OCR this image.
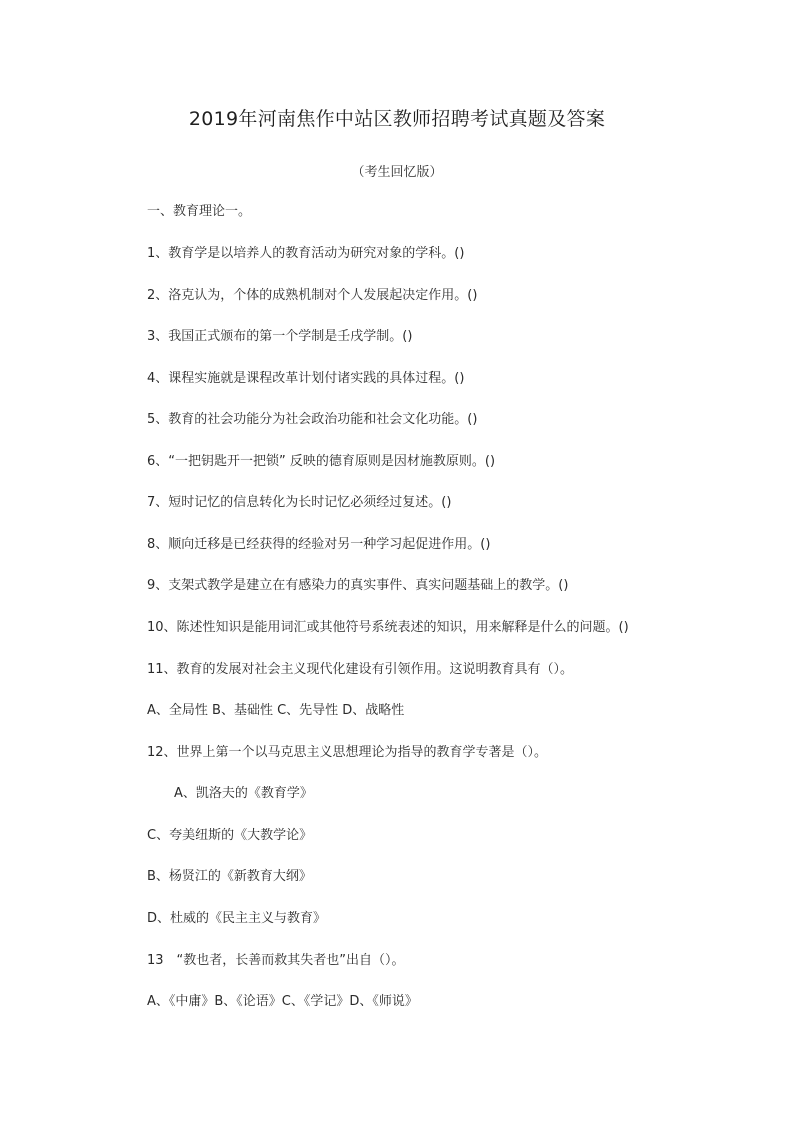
2019年河南焦作中站区教师招聘考试真题及答案
（考生回忆版）
一、教育理论一。
1、教育学是以培养人的教育活动为研究对象的学科。()
2、洛克认为，个体的成熟机制对个人发展起决定作用。()
3、我国正式颁布的第一个学制是壬戌学制。()
4、课程实施就是课程改革计划付诸实践的具体过程。()
5、教育的社会功能分为社会政治功能和社会文化功能。()
6、“一把钥匙开一把锁” 反映的德育原则是因材施教原则。()
7、短时记忆的信息转化为长时记忆必须经过复述。()
8、顺向迁移是已经获得的经验对另一种学习起促进作用。()
9、支架式教学是建立在有感染力的真实事件、真实问题基础上的教学。()
10、陈述性知识是能用词汇或其他符号系统表述的知识，用来解释是什么的问题。()
11、教育的发展对社会主义现代化建设有引领作用。这说明教育具有（）。
A、全局性 B、基础性 C、先导性 D、战略性
12、世界上第一个以马克思主义思想理论为指导的教育学专著是（）。
A、凯洛夫的《教育学》
C、夸美纽斯的《大教学论》
B、杨贤江的《新教育大纲》
D、杜威的《民主主义与教育》
13　“教也者，长善而救其失者也”出自（）。
A、《中庸》B、《论语》C、《学记》D、《师说》
